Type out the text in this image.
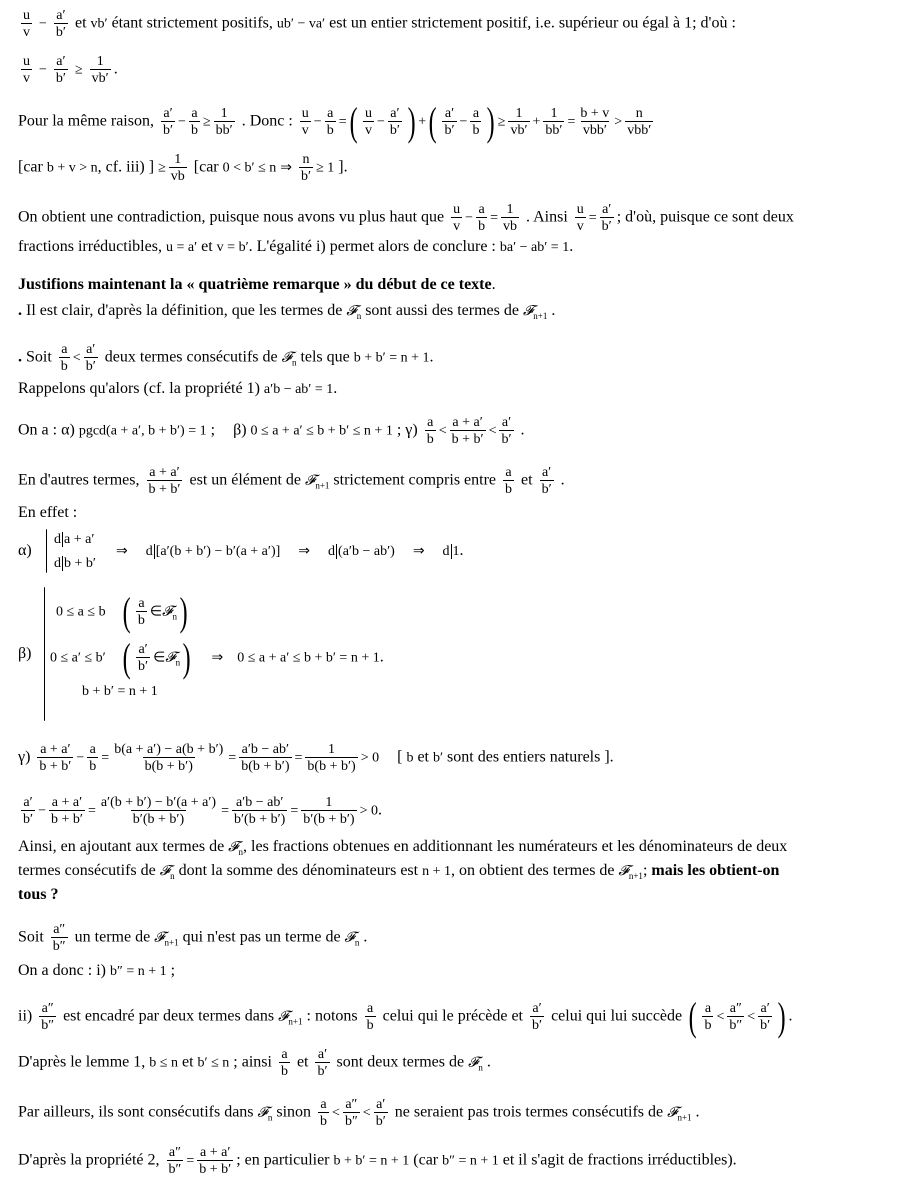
$\frac{u}{v} - \frac{a'}{b'}$ et vb′ étant strictement positifs, ub′ − va′ est un entier strictement positif, i.e. supérieur ou égal à 1; d'où :
$\frac{u}{v} - \frac{a'}{b'} \ge \frac{1}{vb'}$ .
Pour la même raison, $\frac{a'}{b'} - \frac{a}{b} \ge \frac{1}{bb'}$ . Donc : $\frac{u}{v} - \frac{a}{b}$ =( $\frac{u}{v} - \frac{a'}{b'}$ ) +( $\frac{a'}{b'} - \frac{a}{b}$ ) ≥ $\frac{1}{vb'} + \frac{1}{bb'} = \frac{b + v}{\text{vbb′}} > \frac{n}{\text{vbb′}}$
[car b + v > n, cf. iii) ] ≥ $\frac{1}{vb} [car$ 0 < b′ ≤ n ⇒ $\frac{n}{b'} \ge 1$ ].
On obtient une contradiction, puisque nous avons vu plus haut que $\frac{u}{v} - \frac{a}{b} = \frac{1}{vb}$ . Ainsi $\frac{u}{v} = \frac{a'}{b'}$ ; d'où, puisque ce sont deux
fractions irréductibles, u = a′ et v = b′. L'égalité i) permet alors de conclure : ba′ − ab′ = 1.
Justifions maintenant la « quatrième remarque » du début de ce texte.
. Il est clair, d'après la définition, que les termes de 𝓕$_n$ sont aussi des termes de 𝓕$_{n+1}$ .
. Soit $\frac{a}{b} < \frac{a'}{b'}$ deux termes consécutifs de 𝓕$_n$ tels que b + b′ = n + 1.
Rappelons qu'alors (cf. la propriété 1) a′b − ab′ = 1.
On a : α) pgcd(a + a′, b + b′) = 1 ; β) 0 ≤ a + a′ ≤ b + b′ ≤ n + 1 ; $\gamma) \frac{a}{b} < \frac{a + a'}{b + b'} < \frac{a'}{b'}$ .
En d'autres termes, $\frac{a + a'}{b + b'}$ est un élément de 𝓕$_{n+1}$ strictement compris entre $\frac{a}{b}$ et $\frac{a'}{b'}$ .
En effet :
α)
d a + a′
d b + b′
⇒ d [a′(b + b′) − b′(a + a′)] ⇒ d (a′b − ab′) ⇒ d 1.
β)
0 ≤ a ≤ b ( $\frac{a}{b}$ ∈𝓕$_n$)
0 ≤ a′ ≤ b′ ( $\frac{a'}{b'}$ ∈𝓕$_n$) ⇒ 0 ≤ a + a′ ≤ b + b′ = n + 1.
b + b′ = n + 1
$\gamma) \frac{a + a'}{b + b'} - \frac{a}{b} = \frac{b(a + a') - a(b + b')}{b(b + b')} = \frac{a'b - ab'}{b(b + b')} = \frac{1}{b(b + b')} > 0$ [ b et b′ sont des entiers naturels ].
$\frac{a'}{b'} - \frac{a + a'}{b + b'} = \frac{a'(b + b') - b'(a + a')}{b'(b + b')} = \frac{a'b - ab'}{b'(b + b')} = \frac{1}{b'(b + b')} > 0$.
Ainsi, en ajoutant aux termes de 𝓕$_n$, les fractions obtenues en additionnant les numérateurs et les dénominateurs de deux
termes consécutifs de 𝓕$_n$ dont la somme des dénominateurs est n + 1, on obtient des termes de 𝓕$_{n+1}$; mais les obtient-on
tous ?
Soit $\frac{a''}{b''}$ un terme de 𝓕$_{n+1}$ qui n'est pas un terme de 𝓕$_n$ .
On a donc : i) b″ = n + 1 ;
$ii) \frac{a''}{b''}$ est encadré par deux termes dans 𝓕$_{n+1}$ : notons $\frac{a}{b}$ celui qui le précède et $\frac{a'}{b'}$ celui qui lui succède ( $\frac{a}{b} < \frac{a''}{b''} < \frac{a'}{b'}$ ) .
D'après le lemme 1, b ≤ n et b′ ≤ n ; ainsi $\frac{a}{b}$ et $\frac{a'}{b'}$ sont deux termes de 𝓕$_n$ .
Par ailleurs, ils sont consécutifs dans 𝓕$_n$ sinon $\frac{a}{b} < \frac{a''}{b''} < \frac{a'}{b'}$ ne seraient pas trois termes consécutifs de 𝓕$_{n+1}$ .
D'après la propriété 2, $\frac{a''}{b''} = \frac{a + a'}{b + b'}$ ; en particulier b + b′ = n + 1 (car b″ = n + 1 et il s'agit de fractions irréductibles).
